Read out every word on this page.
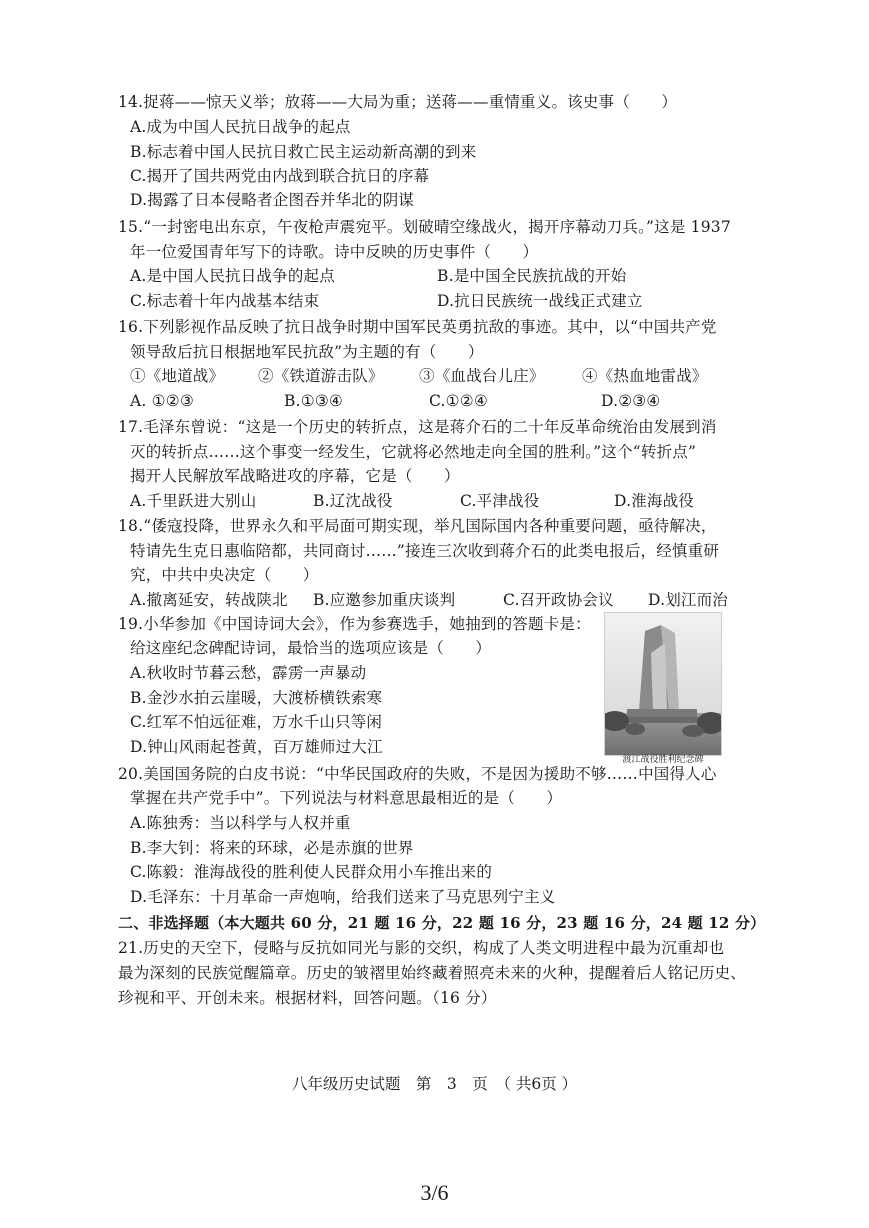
14.捉蒋——惊天义举；放蒋——大局为重；送蒋——重情重义。该史事（　　）
A.成为中国人民抗日战争的起点
B.标志着中国人民抗日救亡民主运动新高潮的到来
C.揭开了国共两党由内战到联合抗日的序幕
D.揭露了日本侵略者企图吞并华北的阴谋
15.“一封密电出东京，午夜枪声震宛平。划破晴空缘战火，揭开序幕动刀兵。”这是 1937
年一位爱国青年写下的诗歌。诗中反映的历史事件（　　）
A.是中国人民抗日战争的起点	B.是中国全民族抗战的开始
C.标志着十年内战基本结束	D.抗日民族统一战线正式建立
16.下列影视作品反映了抗日战争时期中国军民英勇抗敌的事迹。其中，以“中国共产党
领导敌后抗日根据地军民抗敌”为主题的有（　　）
①《地道战》 ②《铁道游击队》 ③《血战台儿庄》 ④《热血地雷战》
A. ①②③	B.①③④	C.①②④	D.②③④
17.毛泽东曾说：“这是一个历史的转折点，这是蒋介石的二十年反革命统治由发展到消
灭的转折点……这个事变一经发生，它就将必然地走向全国的胜利。”这个“转折点”
揭开人民解放军战略进攻的序幕，它是（　　）
A.千里跃进大别山	B.辽沈战役	C.平津战役	D.淮海战役
18.“倭寇投降，世界永久和平局面可期实现，举凡国际国内各种重要问题，亟待解决，
特请先生克日惠临陪都，共同商讨……”接连三次收到蒋介石的此类电报后，经慎重研
究，中共中央决定（　　）
A.撤离延安，转战陕北 B.应邀参加重庆谈判	C.召开政协会议 D.划江而治
19.小华参加《中国诗词大会》，作为参赛选手，她抽到的答题卡是：
给这座纪念碑配诗词，最恰当的选项应该是（　　）
A.秋收时节暮云愁，霹雳一声暴动
B.金沙水拍云崖暖，大渡桥横铁索寒
C.红军不怕远征难，万水千山只等闲
D.钟山风雨起苍黄，百万雄师过大江
渡江战役胜利纪念碑
20.美国国务院的白皮书说：“中华民国政府的失败，不是因为援助不够……中国得人心
掌握在共产党手中”。下列说法与材料意思最相近的是（　　）
A.陈独秀：当以科学与人权并重
B.李大钊：将来的环球，必是赤旗的世界
C.陈毅：淮海战役的胜利使人民群众用小车推出来的
D.毛泽东：十月革命一声炮响，给我们送来了马克思列宁主义
二、非选择题（本大题共 60 分，21 题 16 分，22 题 16 分，23 题 16 分，24 题 12 分）
21.历史的天空下，侵略与反抗如同光与影的交织，构成了人类文明进程中最为沉重却也
最为深刻的民族觉醒篇章。历史的皱褶里始终藏着照亮未来的火种，提醒着后人铭记历史、
珍视和平、开创未来。根据材料，回答问题。（16 分）
八年级历史试题　第　3　页　（ 共6页 ）
3/6
